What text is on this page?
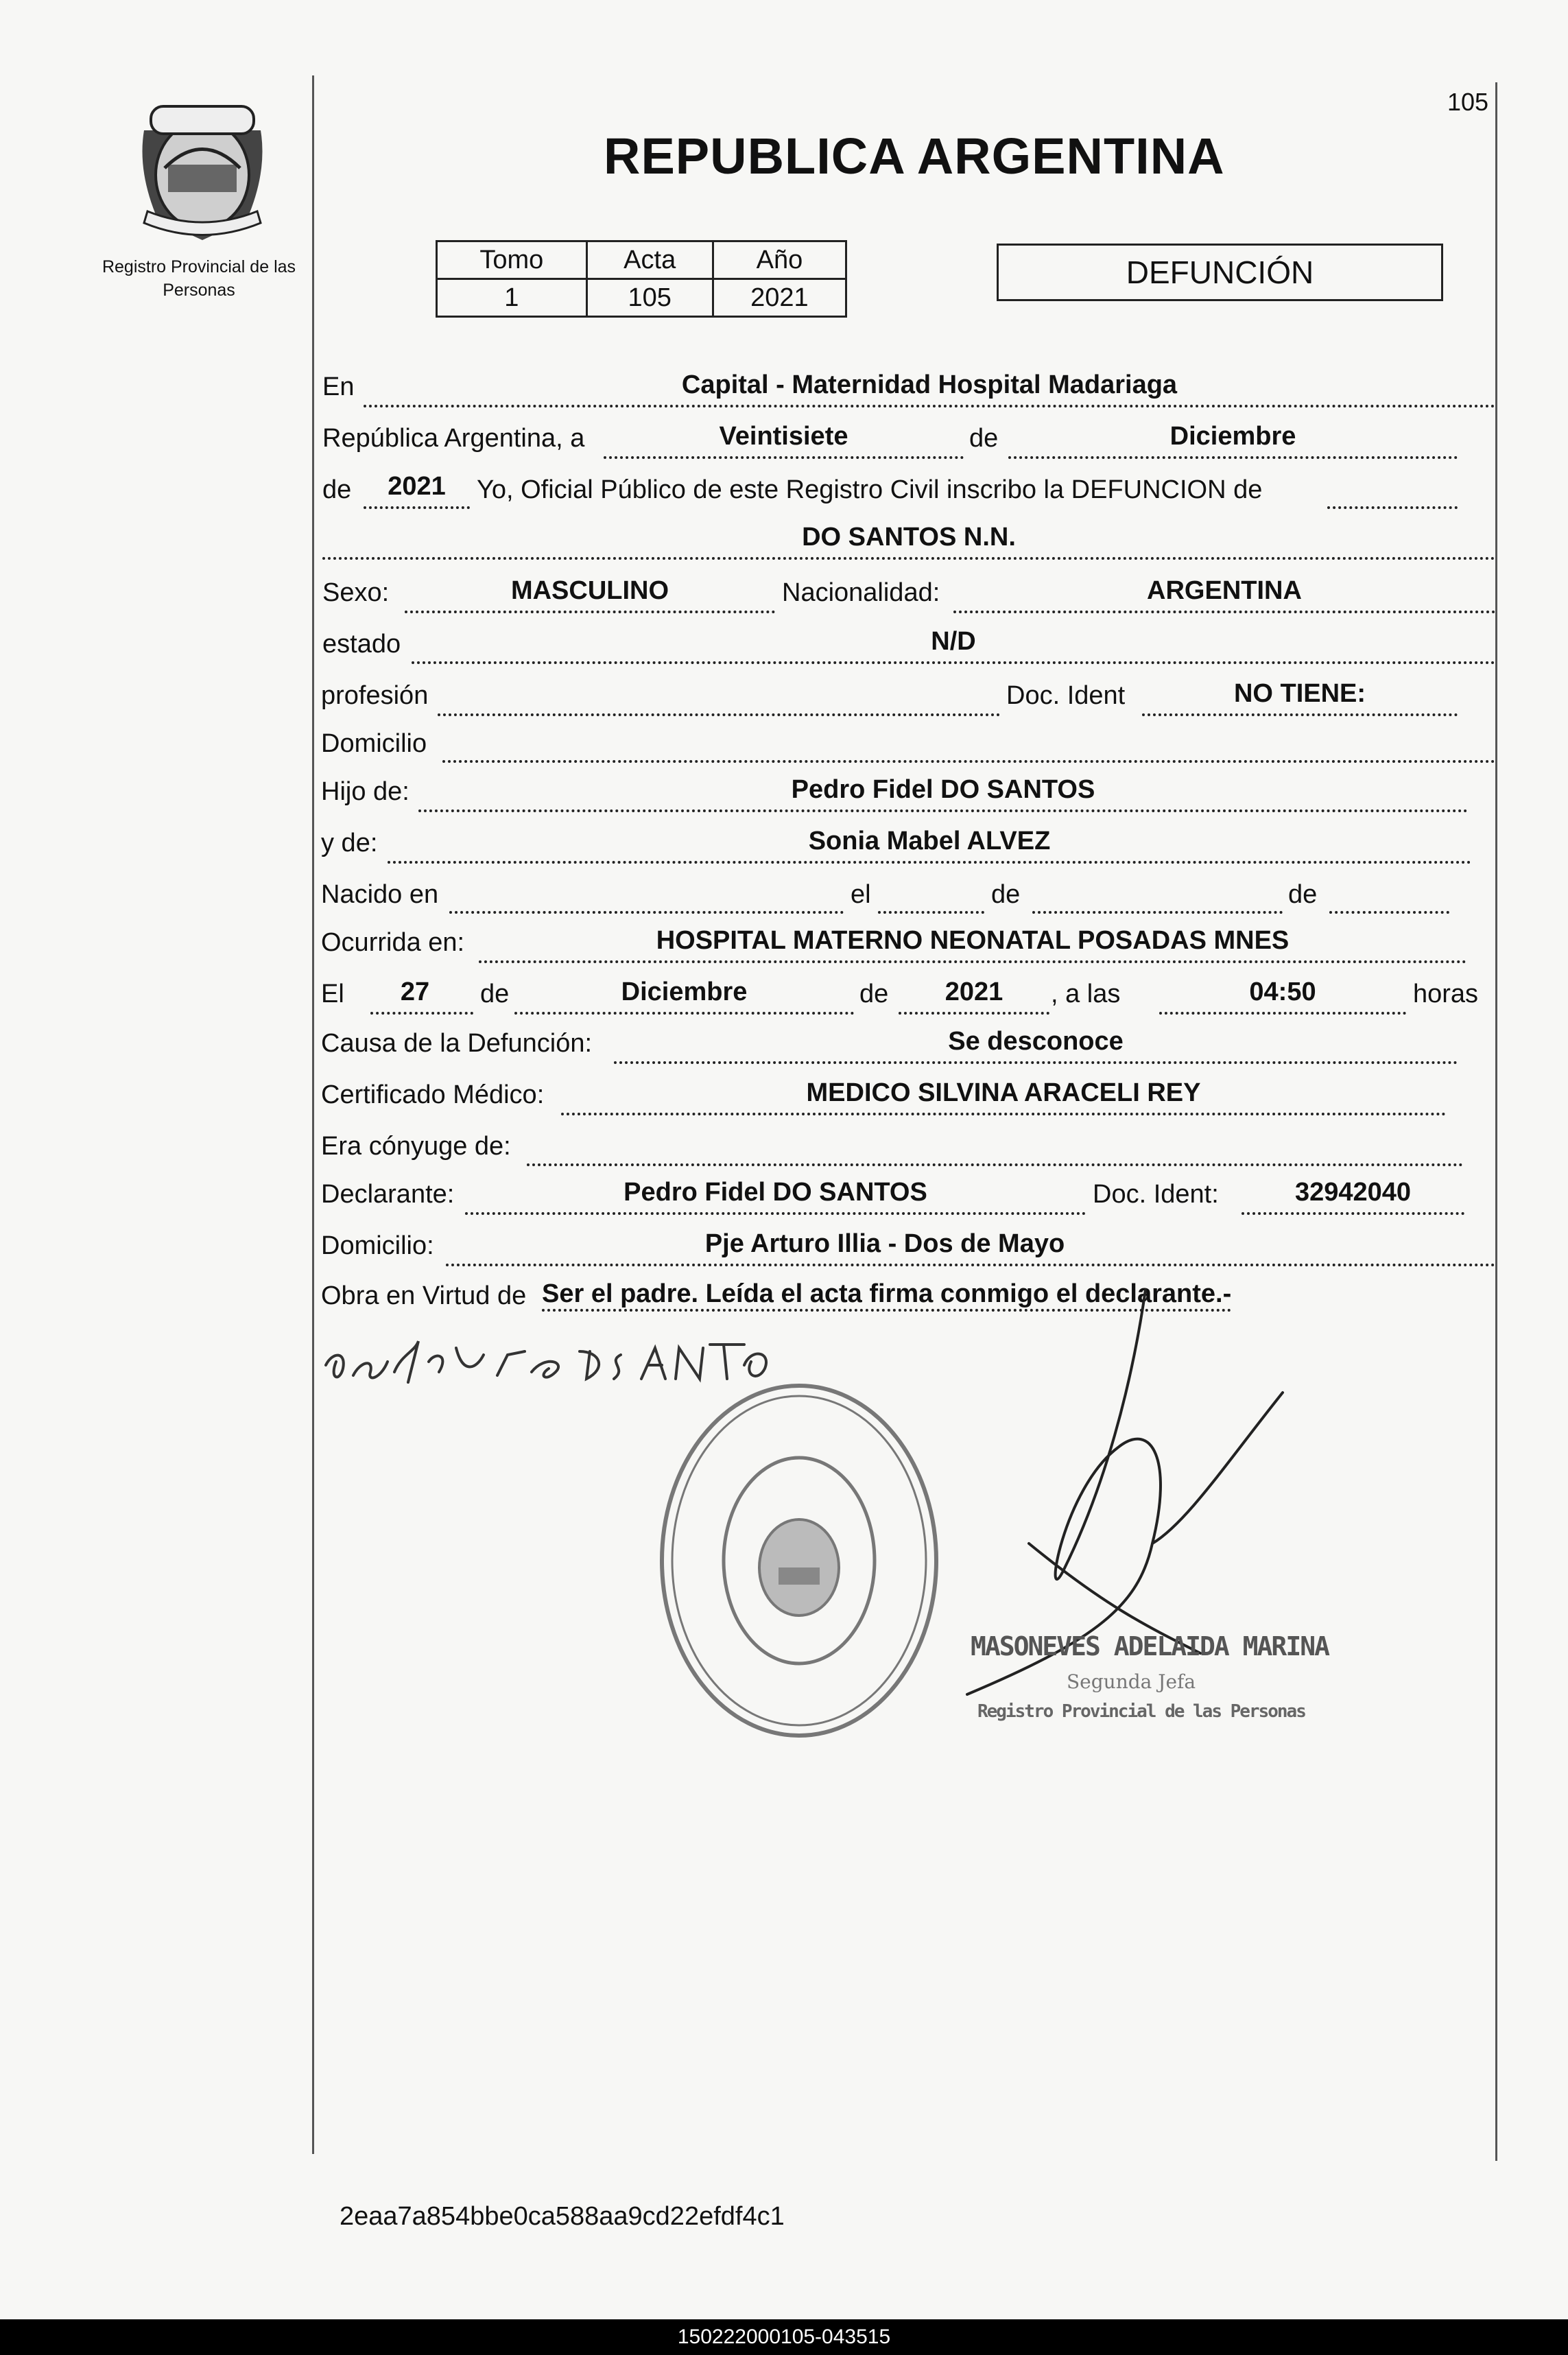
105
Registro Provincial de las Personas
REPUBLICA ARGENTINA
Tomo	Acta	Año
1	105	2021
DEFUNCIÓN
En	Capital - Maternidad Hospital Madariaga
República Argentina, a	Veintisiete	de	Diciembre
de	2021	Yo, Oficial Público de este Registro Civil inscribo la DEFUNCION de
DO SANTOS N.N.
Sexo:	MASCULINO	Nacionalidad:	ARGENTINA
estado	N/D
profesión	Doc. Ident	NO TIENE:
Domicilio
Hijo de:	Pedro Fidel DO SANTOS
y de:	Sonia Mabel ALVEZ
Nacido en	el	de	de
Ocurrida en:	HOSPITAL MATERNO NEONATAL POSADAS MNES
El	27	de	Diciembre	de	2021	, a las	04:50	horas
Causa de la Defunción:	Se desconoce
Certificado Médico:	MEDICO SILVINA ARACELI REY
Era cónyuge de:
Declarante:	Pedro Fidel DO SANTOS	Doc. Ident:	32942040
Domicilio:	Pje Arturo Illia - Dos de Mayo
Obra en Virtud de Ser el padre. Leída el acta firma conmigo el declarante.-
MASONEVES ADELAIDA MARINA
Segunda Jefa
Registro Provincial de las Personas
2eaa7a854bbe0ca588aa9cd22efdf4c1
150222000105-043515
